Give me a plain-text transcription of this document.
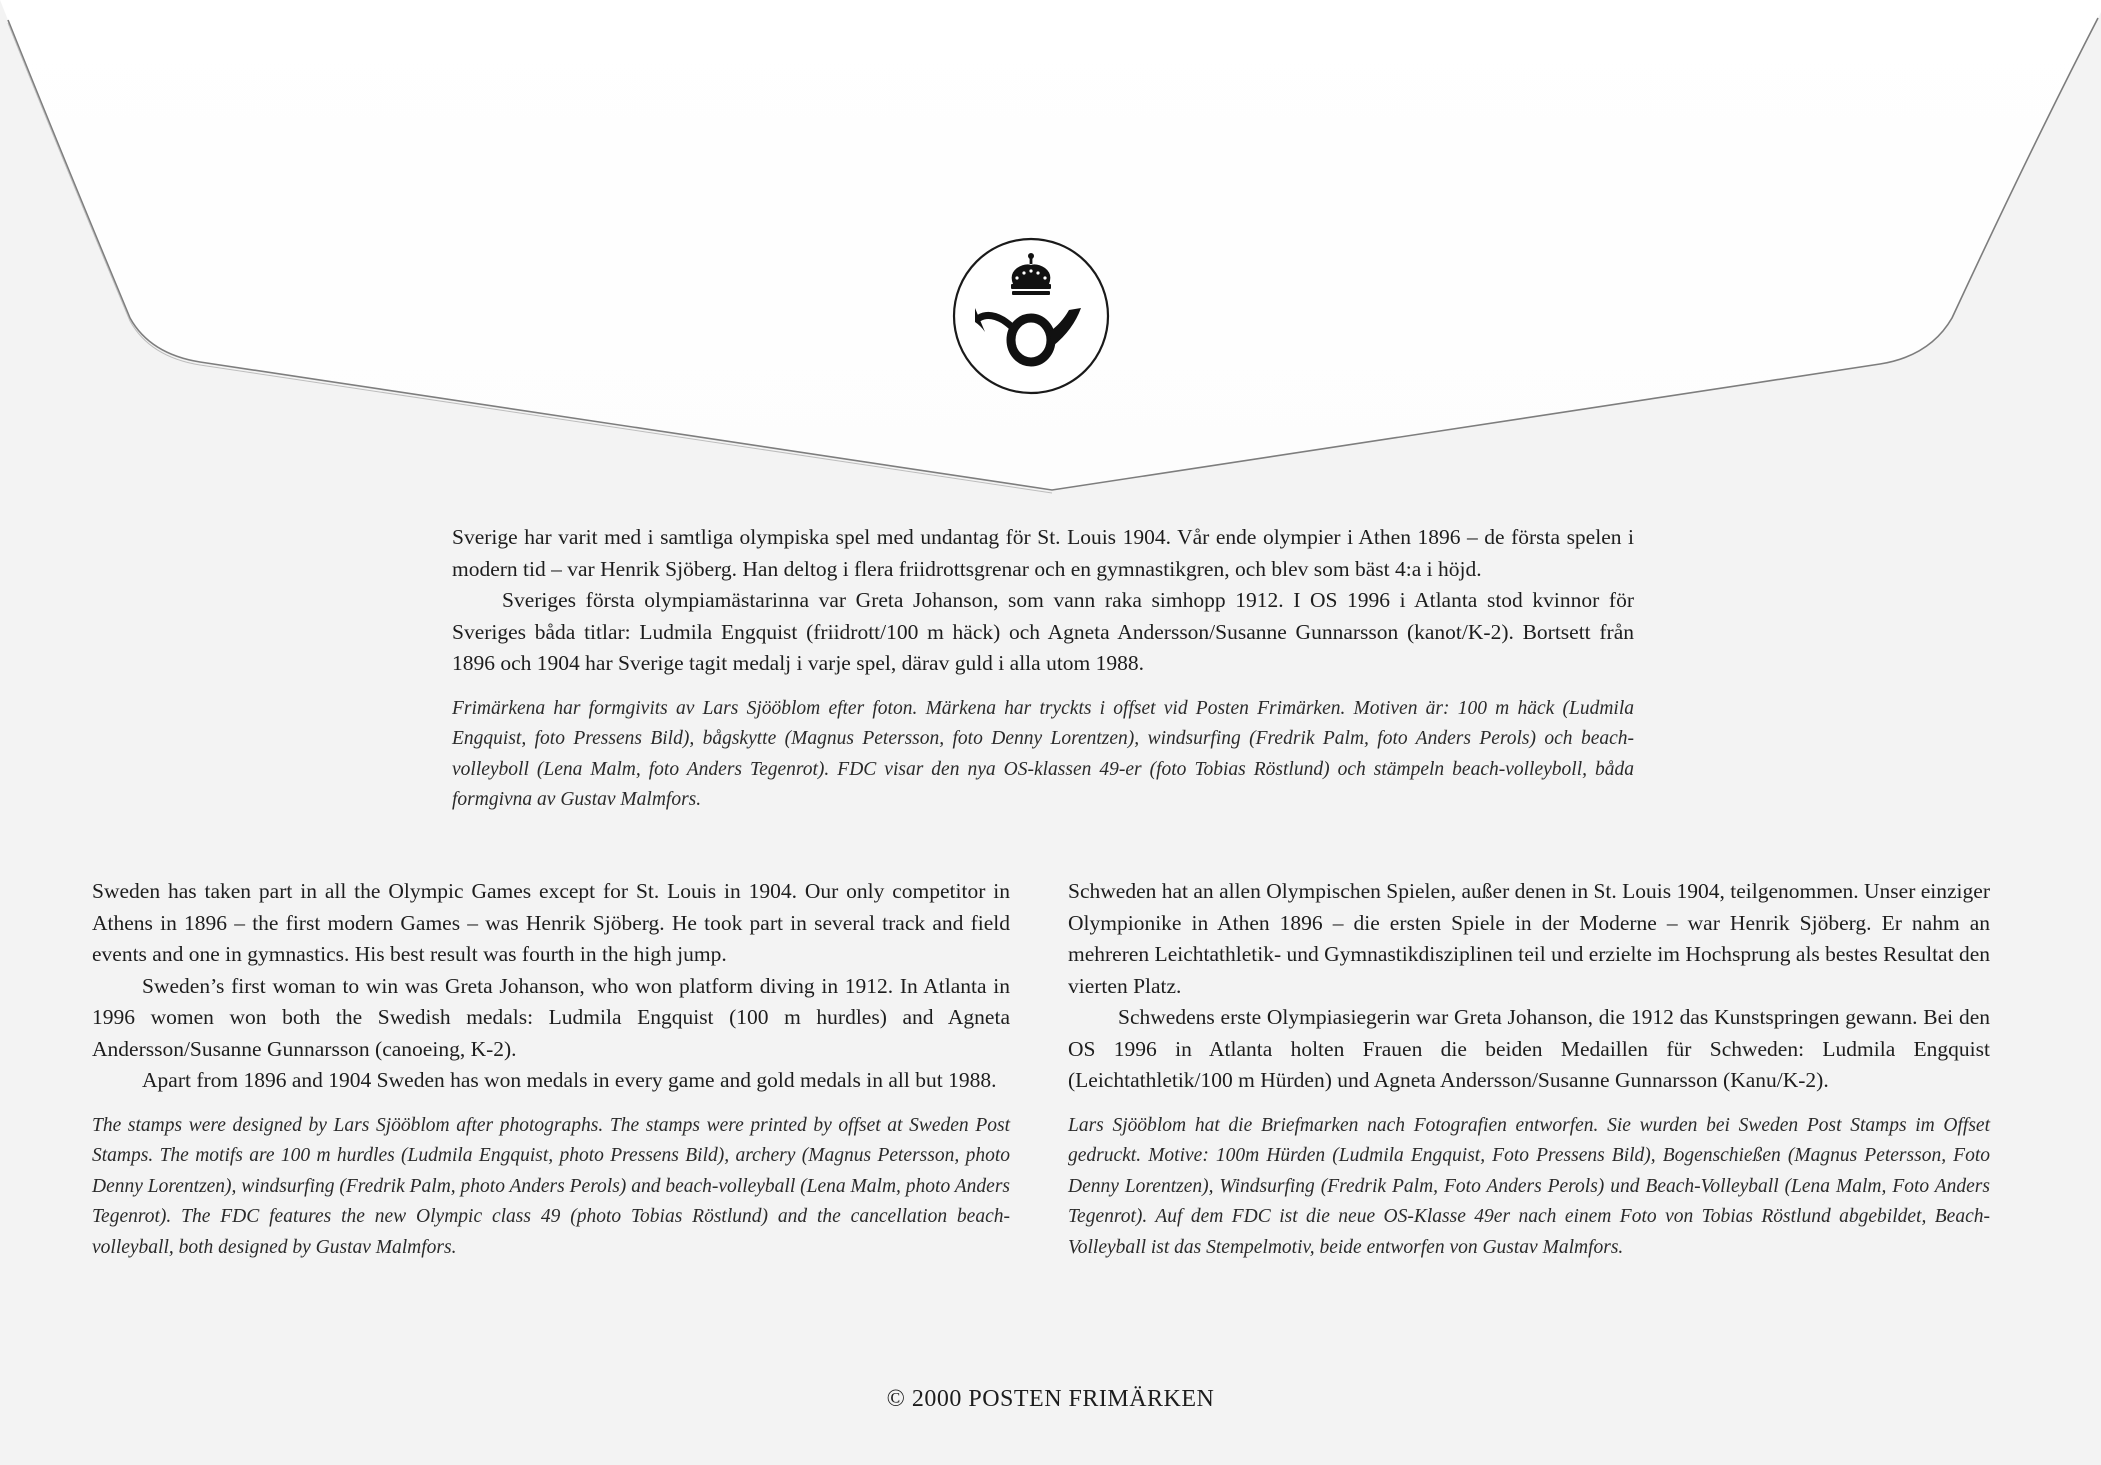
Sverige har varit med i samtliga olympiska spel med undantag för St. Louis 1904. Vår ende olympier i Athen 1896 – de första spelen i modern tid – var Henrik Sjöberg. Han deltog i flera friidrottsgrenar och en gymnastikgren, och blev som bäst 4:a i höjd.

Sveriges första olympiamästarinna var Greta Johanson, som vann raka simhopp 1912. I OS 1996 i Atlanta stod kvinnor för Sveriges båda titlar: Ludmila Engquist (friidrott/100 m häck) och Agneta Andersson/Susanne Gunnarsson (kanot/K-2). Bortsett från 1896 och 1904 har Sverige tagit medalj i varje spel, därav guld i alla utom 1988.

Frimärkena har formgivits av Lars Sjööblom efter foton. Märkena har tryckts i offset vid Posten Frimärken. Motiven är: 100 m häck (Ludmila Engquist, foto Pressens Bild), bågskytte (Magnus Petersson, foto Denny Lorentzen), windsurfing (Fredrik Palm, foto Anders Perols) och beach-volleyboll (Lena Malm, foto Anders Tegenrot). FDC visar den nya OS-klassen 49-er (foto Tobias Röstlund) och stämpeln beach-volleyboll, båda formgivna av Gustav Malmfors.

Sweden has taken part in all the Olympic Games except for St. Louis in 1904. Our only competitor in Athens in 1896 – the first modern Games – was Henrik Sjöberg. He took part in several track and field events and one in gymnastics. His best result was fourth in the high jump.

Sweden’s first woman to win was Greta Johanson, who won platform diving in 1912. In Atlanta in 1996 women won both the Swedish medals: Ludmila Engquist (100 m hurdles) and Agneta Andersson/Susanne Gunnarsson (canoeing, K-2).

Apart from 1896 and 1904 Sweden has won medals in every game and gold medals in all but 1988.

The stamps were designed by Lars Sjööblom after photographs. The stamps were printed by offset at Sweden Post Stamps. The motifs are 100 m hurdles (Ludmila Engquist, photo Pressens Bild), archery (Magnus Petersson, photo Denny Lorentzen), windsurfing (Fredrik Palm, photo Anders Perols) and beach-volleyball (Lena Malm, photo Anders Tegenrot). The FDC features the new Olympic class 49 (photo Tobias Röstlund) and the cancellation beach-volleyball, both designed by Gustav Malmfors.

Schweden hat an allen Olympischen Spielen, außer denen in St. Louis 1904, teilgenommen. Unser einziger Olympionike in Athen 1896 – die ersten Spiele in der Moderne – war Henrik Sjöberg. Er nahm an mehreren Leichtathletik- und Gymnastikdisziplinen teil und erzielte im Hochsprung als bestes Resultat den vierten Platz.

Schwedens erste Olympiasiegerin war Greta Johanson, die 1912 das Kunstspringen gewann. Bei den OS 1996 in Atlanta holten Frauen die beiden Medaillen für Schweden: Ludmila Engquist (Leichtathletik/100 m Hürden) und Agneta Andersson/Susanne Gunnarsson (Kanu/K-2).

Lars Sjööblom hat die Briefmarken nach Fotografien entworfen. Sie wurden bei Sweden Post Stamps im Offset gedruckt. Motive: 100m Hürden (Ludmila Engquist, Foto Pressens Bild), Bogenschießen (Magnus Petersson, Foto Denny Lorentzen), Windsurfing (Fredrik Palm, Foto Anders Perols) und Beach-Volleyball (Lena Malm, Foto Anders Tegenrot). Auf dem FDC ist die neue OS-Klasse 49er nach einem Foto von Tobias Röstlund abgebildet, Beach-Volleyball ist das Stempelmotiv, beide entworfen von Gustav Malmfors.

© 2000 POSTEN FRIMÄRKEN
